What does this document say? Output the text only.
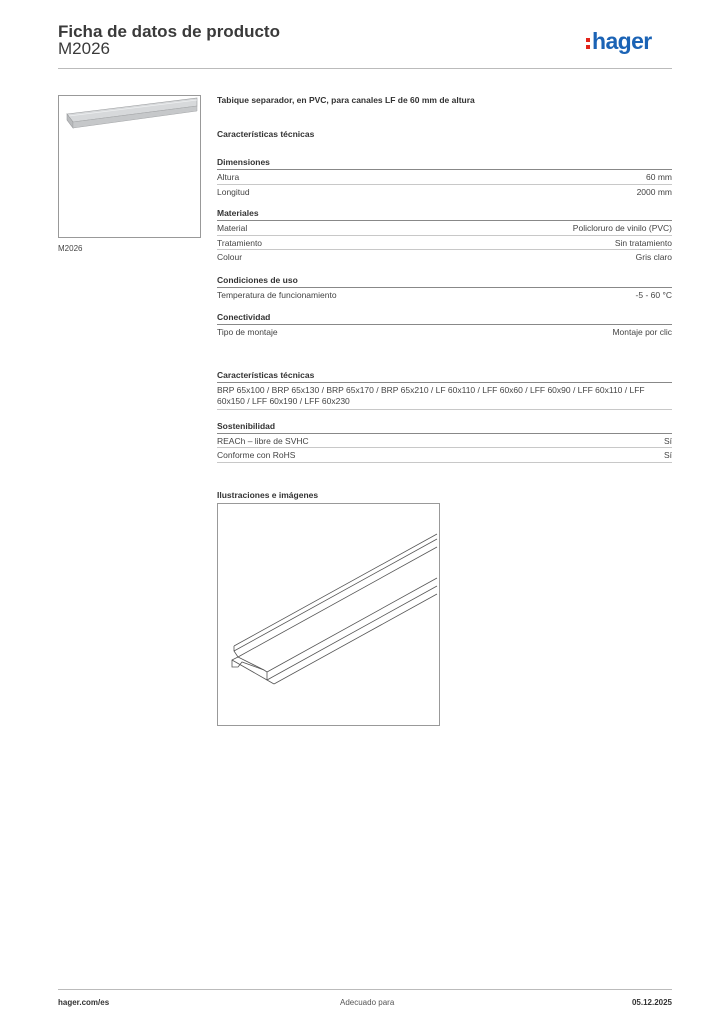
Ficha de datos de producto
M2026	hager
M2026
Tabique separador, en PVC, para canales LF de 60 mm de altura
Características técnicas
Dimensiones
Altura	60 mm
Longitud	2000 mm
Materiales
Material	Policloruro de vinilo (PVC)
Tratamiento	Sin tratamiento
Colour	Gris claro
Condiciones de uso
Temperatura de funcionamiento	-5 - 60 °C
Conectividad
Tipo de montaje	Montaje por clic
Características técnicas
BRP 65x100 / BRP 65x130 / BRP 65x170 / BRP 65x210 / LF 60x110 / LFF 60x60 / LFF 60x90 / LFF 60x110 / LFF 60x150 / LFF 60x190 / LFF 60x230
Sostenibilidad
REACh – libre de SVHC	Sí
Conforme con RoHS	Sí
Ilustraciones e imágenes
hager.com/es	Adecuado para	05.12.2025
